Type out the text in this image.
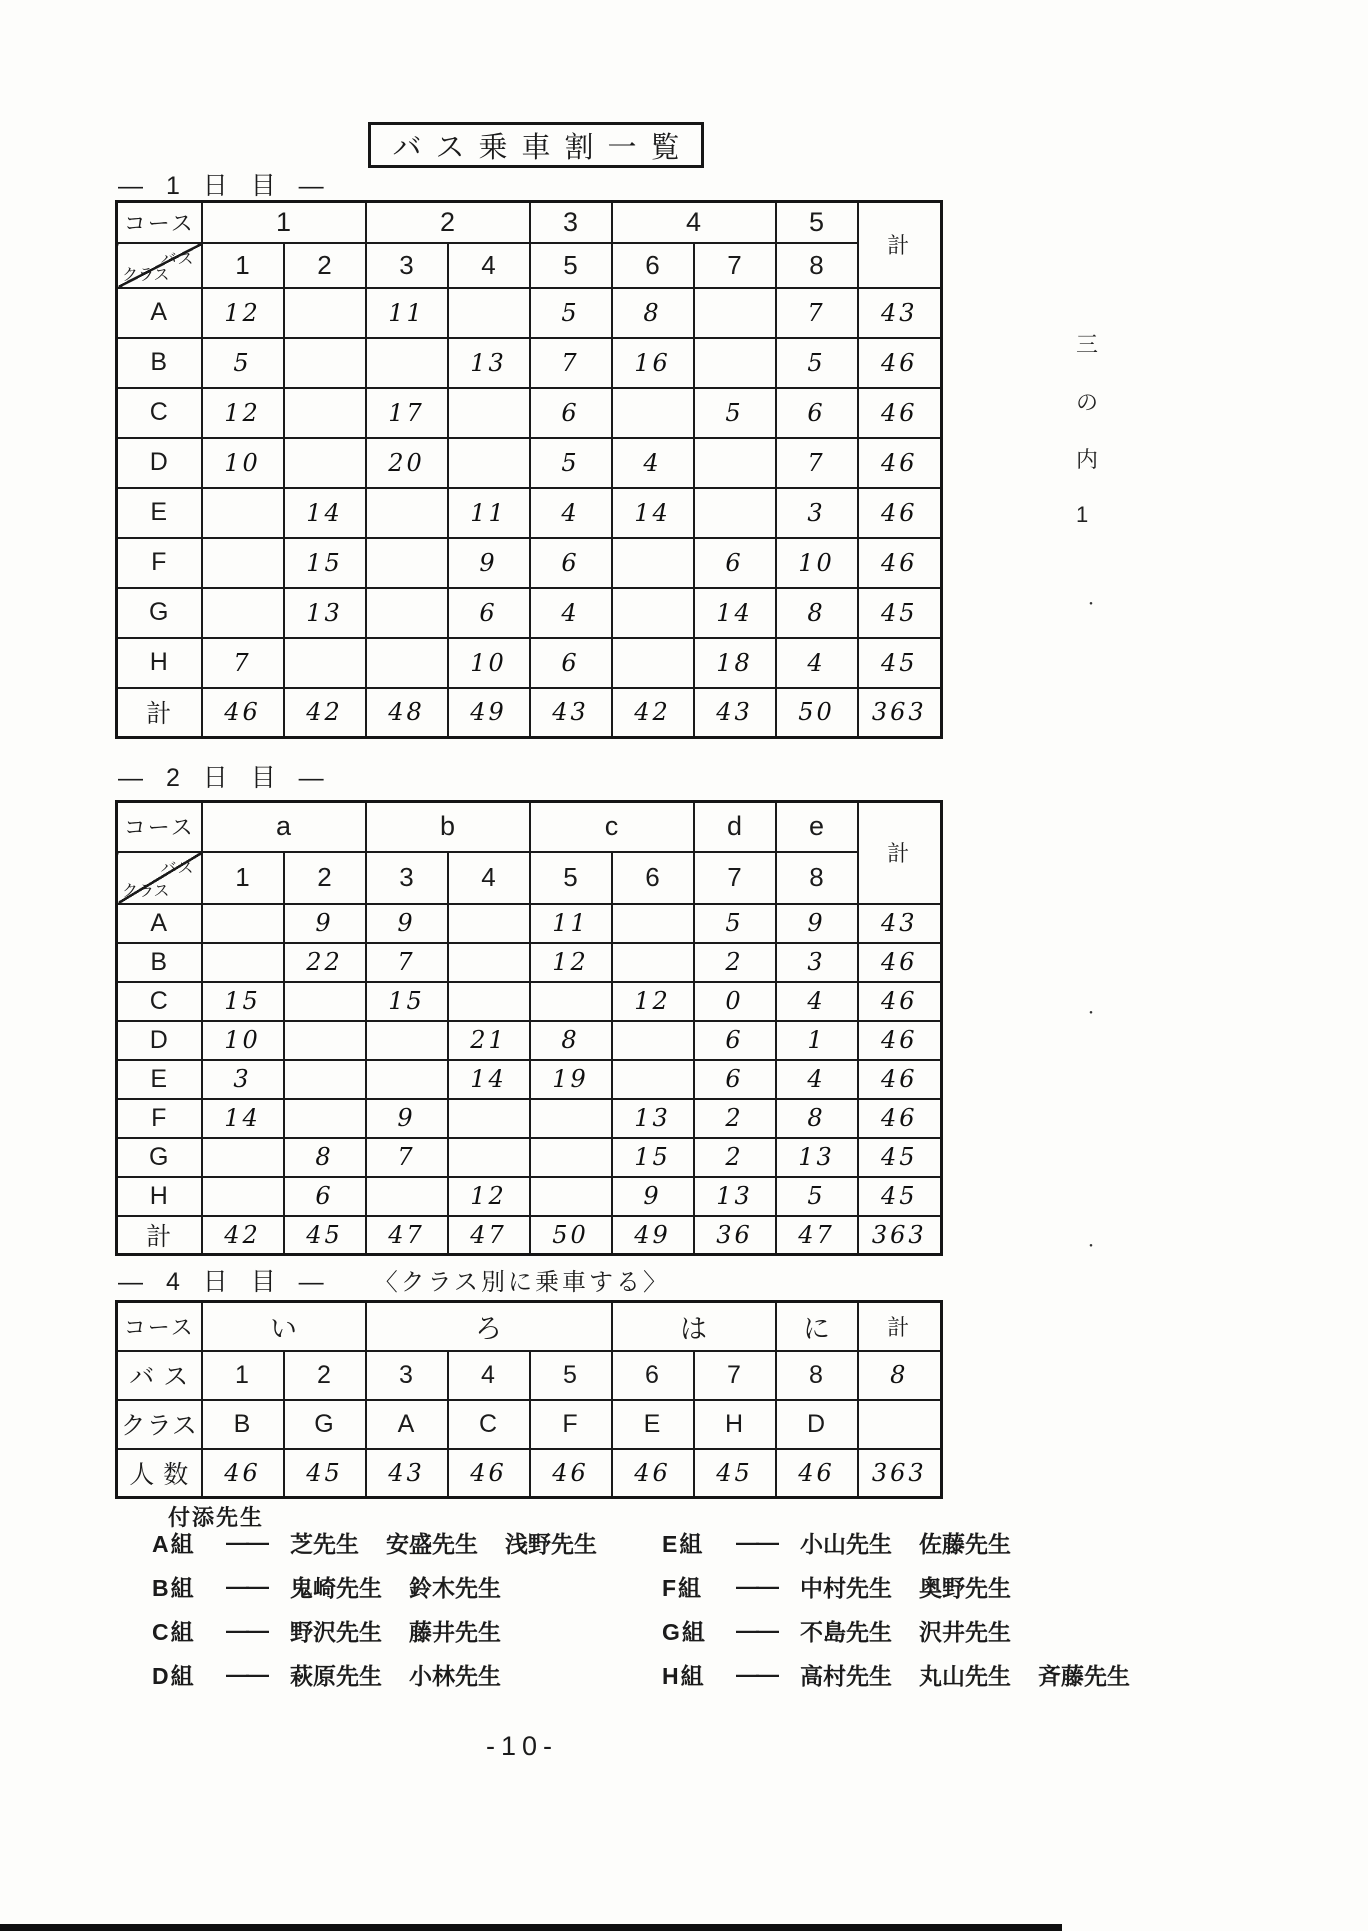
バス乗車割一覧
— 1 日 目 —
コース	1		2		3	4		5	計

バス
クラス	1	2	3	4	5	6	7	8	
A	12		11		5	8		7	43
B	5			13	7	16		5	46
C	12		17		6		5	6	46
D	10		20		5	4		7	46
E		14		11	4	14		3	46
F		15		9	6		6	10	46
G		13		6	4		14	8	45
H	7			10	6		18	4	45
計	46	42	48	49	43	42	43	50	363
— 2 日 目 —
コース	a		b		c		d	e	計

バス
クラス	1	2	3	4	5	6	7	8	
A		9	9		11		5	9	43
B		22	7		12		2	3	46
C	15		15			12	0	4	46
D	10			21	8		6	1	46
E	3			14	19		6	4	46
F	14		9			13	2	8	46
G		8	7			15	2	13	45
H		6		12		9	13	5	45
計	42	45	47	47	50	49	36	47	363
— 4 日 目 — 〈クラス別に乗車する〉
コース	い		ろ			は		に	計
バ ス	1	2	3	4	5	6	7	8	8
クラス	B	G	A	C	F	E	H	D	
人 数	46	45	43	46	46	46	45	46	363
付添先生
A組	——	芝先生 安盛先生 浅野先生
B組	——	鬼崎先生 鈴木先生
C組	——	野沢先生 藤井先生
D組	——	萩原先生 小林先生
E組	——	小山先生 佐藤先生
F組	——	中村先生 奥野先生
G組	——	不島先生 沢井先生
H組	——	高村先生 丸山先生 斉藤先生
-10-
三
の
内
1
・
・
・
